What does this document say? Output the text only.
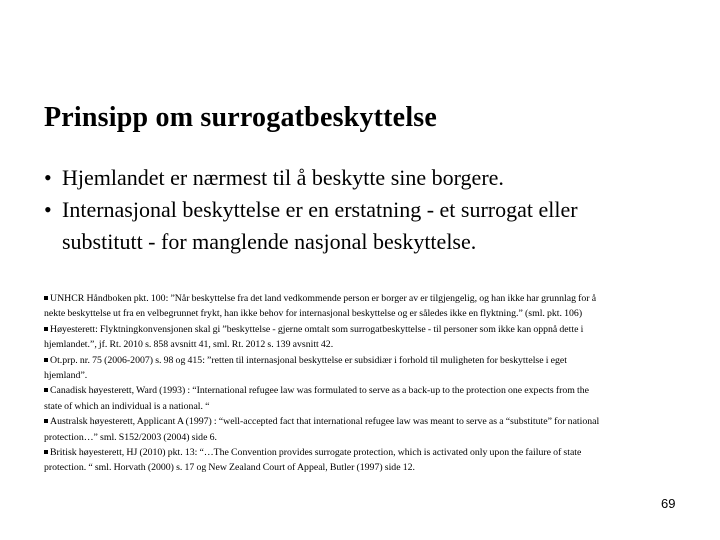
Prinsipp om surrogatbeskyttelse
• Hjemlandet er nærmest til å beskytte sine borgere.
• Internasjonal beskyttelse er en erstatning - et surrogat eller
substitutt - for manglende nasjonal beskyttelse.

UNHCR Håndboken pkt. 100: ”Når beskyttelse fra det land vedkommende person er borger av er tilgjengelig, og han ikke har grunnlag for å
nekte beskyttelse ut fra en velbegrunnet frykt, han ikke behov for internasjonal beskyttelse og er således ikke en flyktning.” (sml. pkt. 106)

Høyesterett: Flyktningkonvensjonen skal gi ”beskyttelse - gjerne omtalt som surrogatbeskyttelse - til personer som ikke kan oppnå dette i
hjemlandet.”, jf. Rt. 2010 s. 858 avsnitt 41, sml. Rt. 2012 s. 139 avsnitt 42.

Ot.prp. nr. 75 (2006-2007) s. 98 og 415: ”retten til internasjonal beskyttelse er subsidiær i forhold til muligheten for beskyttelse i eget
hjemland”.

Canadisk høyesterett, Ward (1993) : “International refugee law was formulated to serve as a back-up to the protection one expects from the
state of which an individual is a national. “

Australsk høyesterett, Applicant A (1997) : “well-accepted fact that international refugee law was meant to serve as a “substitute” for national
protection…” sml. S152/2003 (2004) side 6.

Britisk høyesterett, HJ (2010) pkt. 13: “…The Convention provides surrogate protection, which is activated only upon the failure of state
protection. “ sml. Horvath (2000) s. 17 og New Zealand Court of Appeal, Butler (1997) side 12.

69
